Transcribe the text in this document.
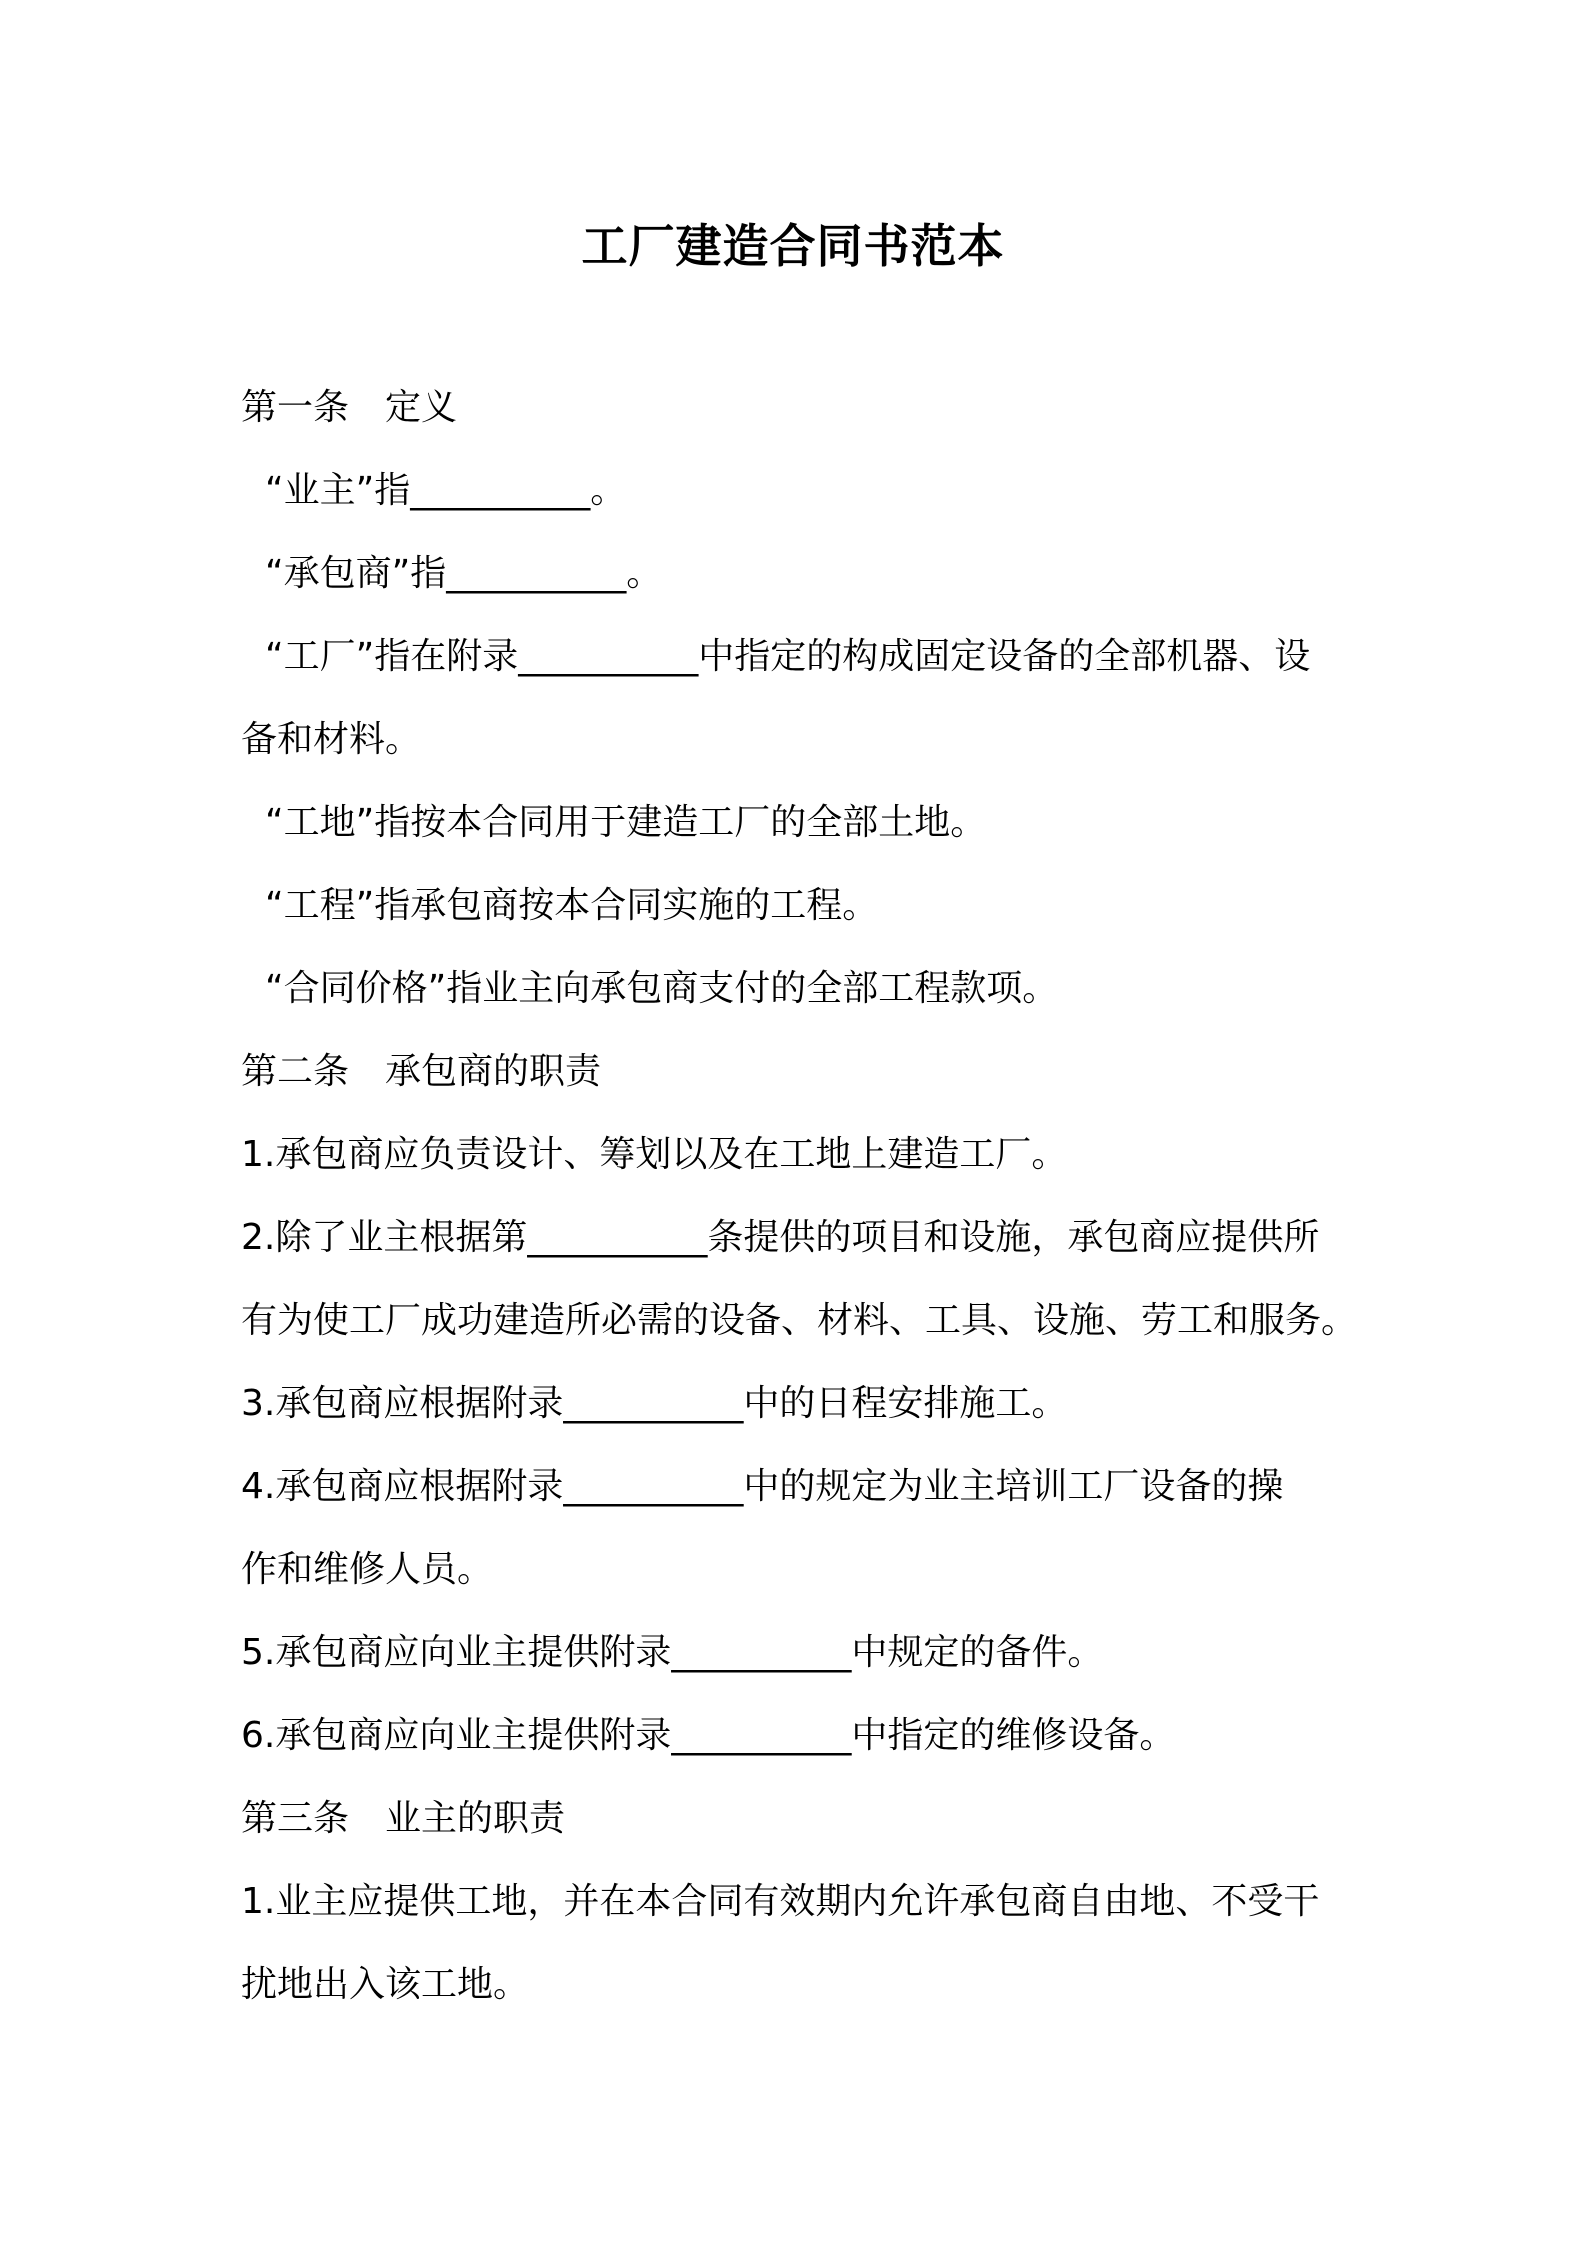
工厂建造合同书范本
第一条　定义
“业主”指__________。
“承包商”指__________。
“工厂”指在附录__________中指定的构成固定设备的全部机器、设
备和材料。
“工地”指按本合同用于建造工厂的全部土地。
“工程”指承包商按本合同实施的工程。
“合同价格”指业主向承包商支付的全部工程款项。
第二条　承包商的职责
1.承包商应负责设计、筹划以及在工地上建造工厂。
2.除了业主根据第__________条提供的项目和设施，承包商应提供所
有为使工厂成功建造所必需的设备、材料、工具、设施、劳工和服务。
3.承包商应根据附录__________中的日程安排施工。
4.承包商应根据附录__________中的规定为业主培训工厂设备的操
作和维修人员。
5.承包商应向业主提供附录__________中规定的备件。
6.承包商应向业主提供附录__________中指定的维修设备。
第三条　业主的职责
1.业主应提供工地，并在本合同有效期内允许承包商自由地、不受干
扰地出入该工地。
